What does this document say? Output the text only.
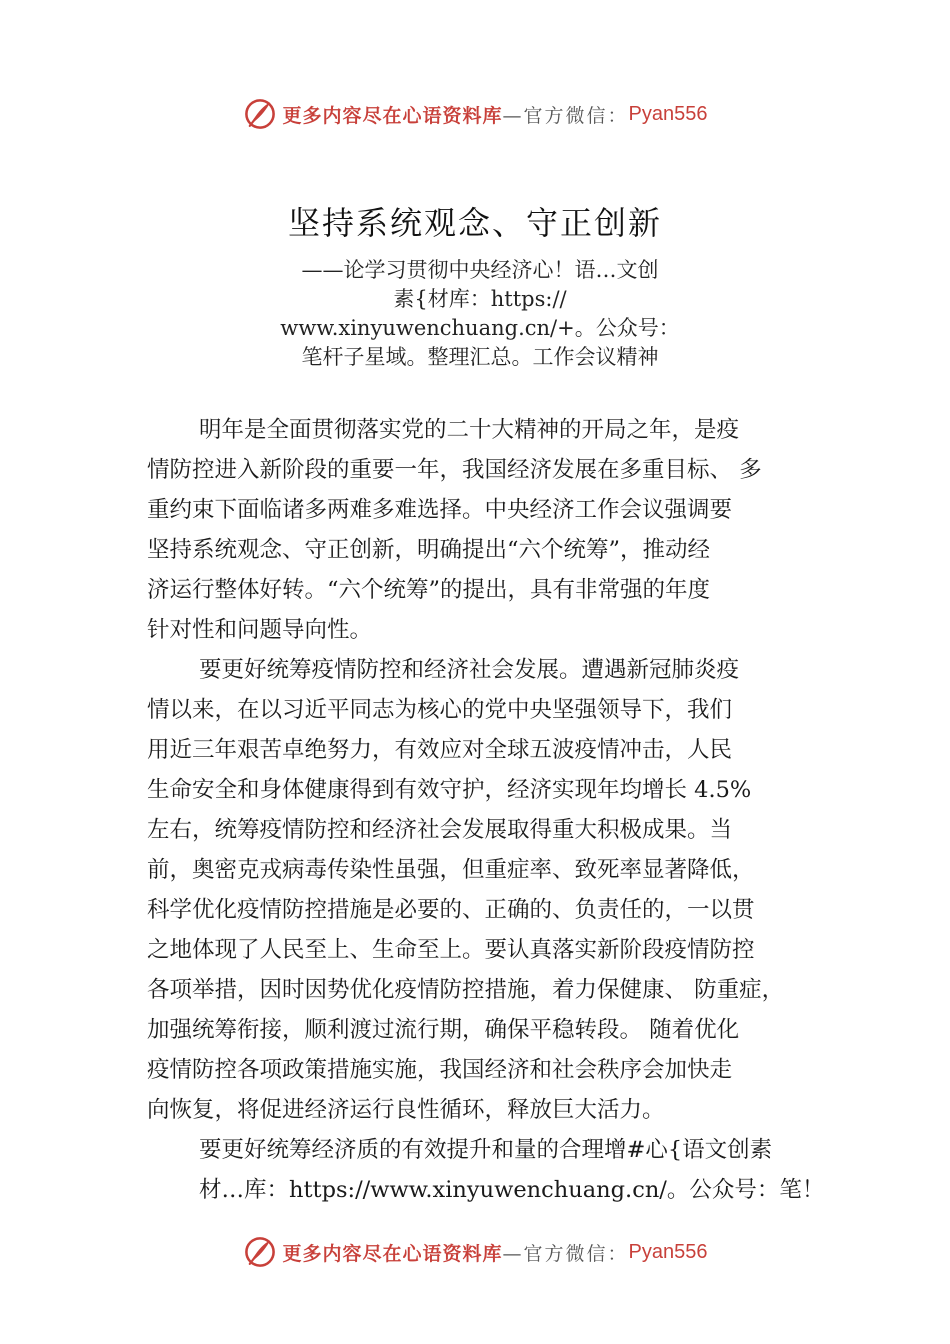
更多内容尽在心语资料库 —官方微信： Pyan556
坚持系统观念、守正创新
——论学习贯彻中央经济心！语…文创
素{材库：https://
www.xinyuwenchuang.cn/+。公众号：
笔杆子星域。整理汇总。工作会议精神
明年是全面贯彻落实党的二十大精神的开局之年，是疫
情防控进入新阶段的重要一年，我国经济发展在多重目标、 多
重约束下面临诸多两难多难选择。中央经济工作会议强调要
坚持系统观念、守正创新，明确提出“六个统筹”，推动经
济运行整体好转。“六个统筹”的提出，具有非常强的年度
针对性和问题导向性。
要更好统筹疫情防控和经济社会发展。遭遇新冠肺炎疫
情以来，在以习近平同志为核心的党中央坚强领导下，我们
用近三年艰苦卓绝努力，有效应对全球五波疫情冲击，人民
生命安全和身体健康得到有效守护，经济实现年均增长 4.5%
左右，统筹疫情防控和经济社会发展取得重大积极成果。当
前，奥密克戎病毒传染性虽强，但重症率、致死率显著降低，
科学优化疫情防控措施是必要的、正确的、负责任的，一以贯
之地体现了人民至上、生命至上。要认真落实新阶段疫情防控
各项举措，因时因势优化疫情防控措施，着力保健康、 防重症，
加强统筹衔接，顺利渡过流行期，确保平稳转段。 随着优化
疫情防控各项政策措施实施，我国经济和社会秩序会加快走
向恢复，将促进经济运行良性循环，释放巨大活力。
要更好统筹经济质的有效提升和量的合理增#心{语文创素
材…库：https://www.xinyuwenchuang.cn/。公众号：笔！
更多内容尽在心语资料库 —官方微信： Pyan556
